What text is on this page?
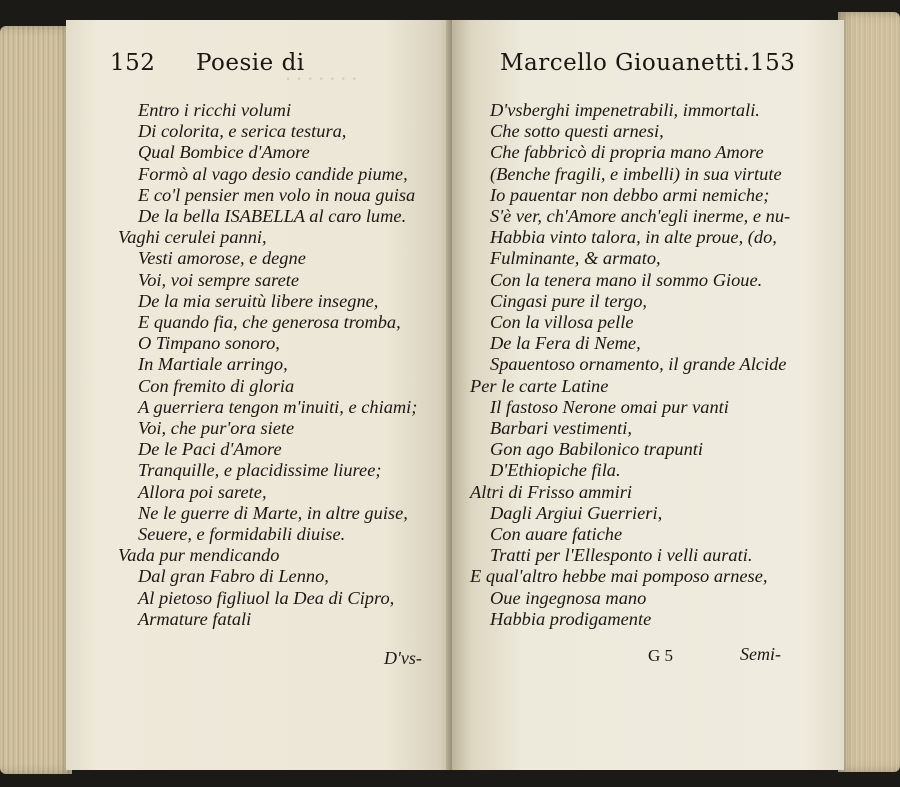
. . . . . . .
152 Poesie di
Entro i ricchi volumi
Di colorita, e serica testura,
Qual Bombice d'Amore
Formò al vago desio candide piume,
E co'l pensier men volo in noua guisa
De la bella ISABELLA al caro lume.
Vaghi cerulei panni,
Vesti amorose, e degne
Voi, voi sempre sarete
De la mia seruitù libere insegne,
E quando fia, che generosa tromba,
O Timpano sonoro,
In Martiale arringo,
Con fremito di gloria
A guerriera tengon m'inuiti, e chiami;
Voi, che pur'ora siete
De le Paci d'Amore
Tranquille, e placidissime liuree;
Allora poi sarete,
Ne le guerre di Marte, in altre guise,
Seuere, e formidabili diuise.
Vada pur mendicando
Dal gran Fabro di Lenno,
Al pietoso figliuol la Dea di Cipro,
Armature fatali
D'vs-
Marcello Giouanetti. 153
D'vsberghi impenetrabili, immortali.
Che sotto questi arnesi,
Che fabbricò di propria mano Amore
(Benche fragili, e imbelli) in sua virtute
Io pauentar non debbo armi nemiche;
S'è ver, ch'Amore anch'egli inerme, e nu-
Habbia vinto talora, in alte proue, (do,
Fulminante, & armato,
Con la tenera mano il sommo Gioue.
Cingasi pure il tergo,
Con la villosa pelle
De la Fera di Neme,
Spauentoso ornamento, il grande Alcide
Per le carte Latine
Il fastoso Nerone omai pur vanti
Barbari vestimenti,
Gon ago Babilonico trapunti
D'Ethiopiche fila.
Altri di Frisso ammiri
Dagli Argiui Guerrieri,
Con auare fatiche
Tratti per l'Ellesponto i velli aurati.
E qual'altro hebbe mai pomposo arnese,
Oue ingegnosa mano
Habbia prodigamente
G 5	Semi-
